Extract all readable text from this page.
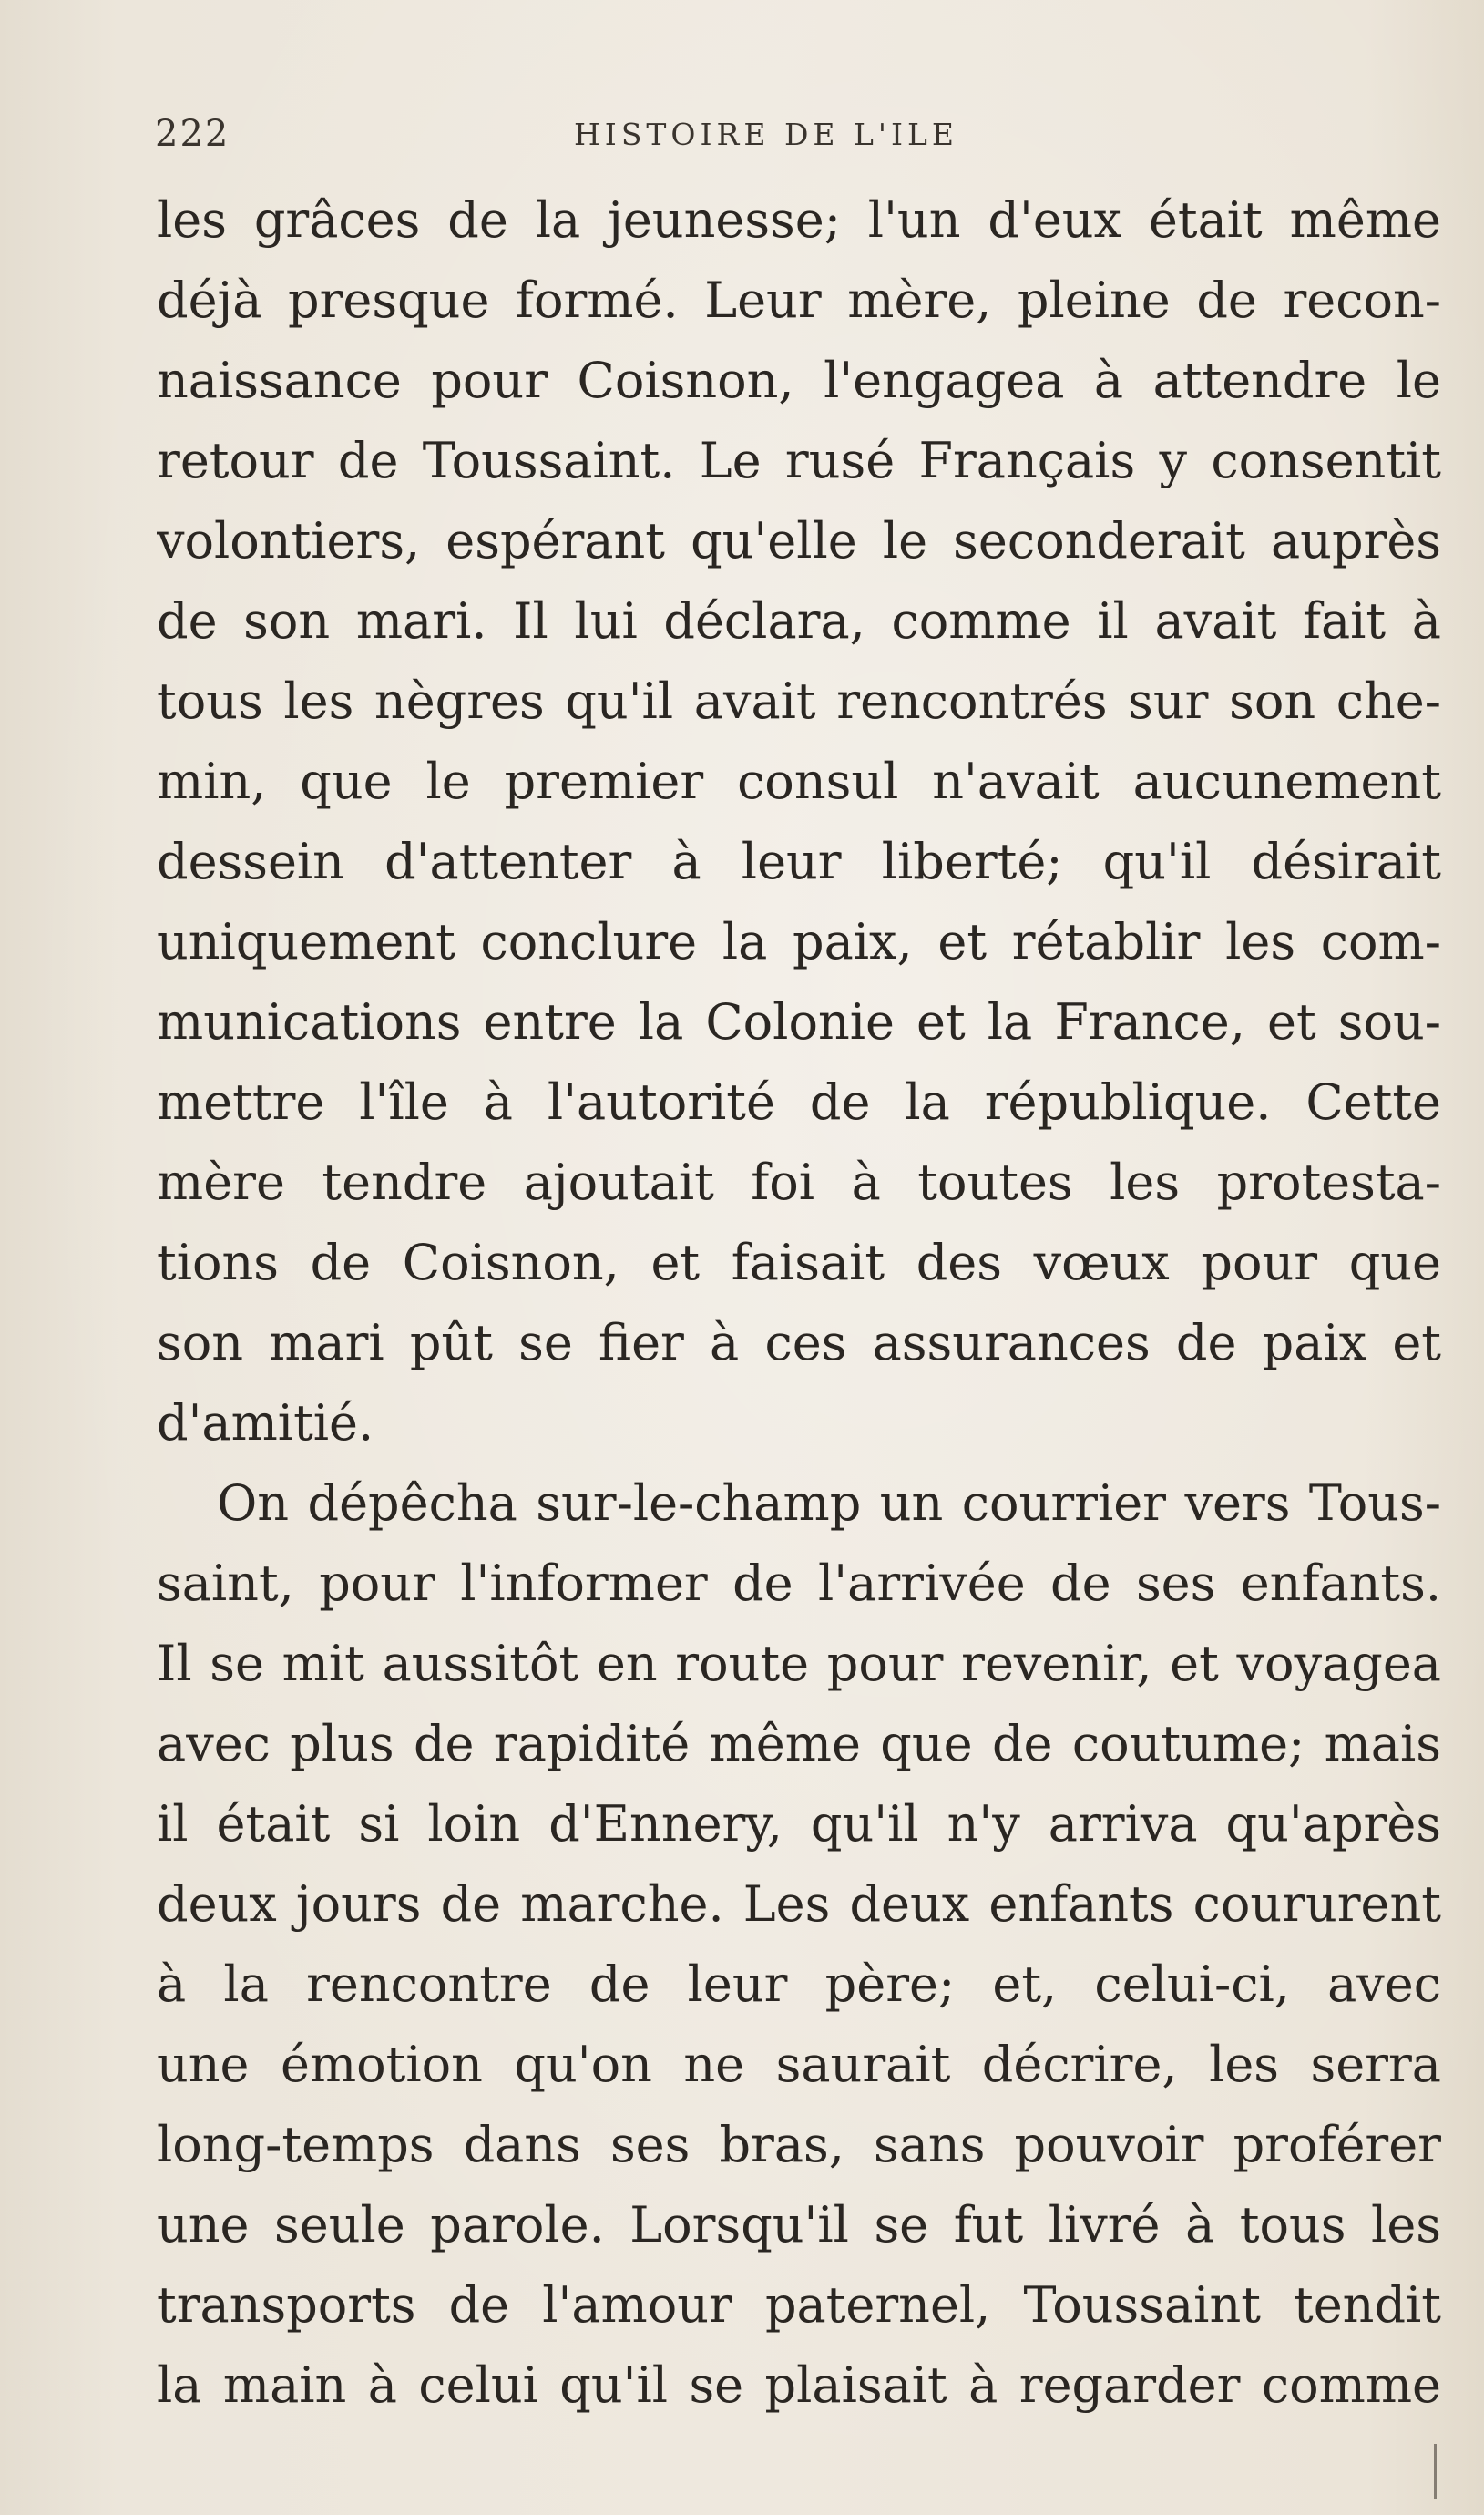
222	HISTOIRE DE L'ILE
les grâces de la jeunesse; l'un d'eux était même
déjà presque formé. Leur mère, pleine de recon-
naissance pour Coisnon, l'engagea à attendre le
retour de Toussaint. Le rusé Français y consentit
volontiers, espérant qu'elle le seconderait auprès
de son mari. Il lui déclara, comme il avait fait à
tous les nègres qu'il avait rencontrés sur son che-
min, que le premier consul n'avait aucunement
dessein d'attenter à leur liberté; qu'il désirait
uniquement conclure la paix, et rétablir les com-
munications entre la Colonie et la France, et sou-
mettre l'île à l'autorité de la république. Cette
mère tendre ajoutait foi à toutes les protesta-
tions de Coisnon, et faisait des vœux pour que
son mari pût se fier à ces assurances de paix et
d'amitié.
On dépêcha sur-le-champ un courrier vers Tous-
saint, pour l'informer de l'arrivée de ses enfants.
Il se mit aussitôt en route pour revenir, et voyagea
avec plus de rapidité même que de coutume; mais
il était si loin d'Ennery, qu'il n'y arriva qu'après
deux jours de marche. Les deux enfants coururent
à la rencontre de leur père; et, celui-ci, avec
une émotion qu'on ne saurait décrire, les serra
long-temps dans ses bras, sans pouvoir proférer
une seule parole. Lorsqu'il se fut livré à tous les
transports de l'amour paternel, Toussaint tendit
la main à celui qu'il se plaisait à regarder comme
